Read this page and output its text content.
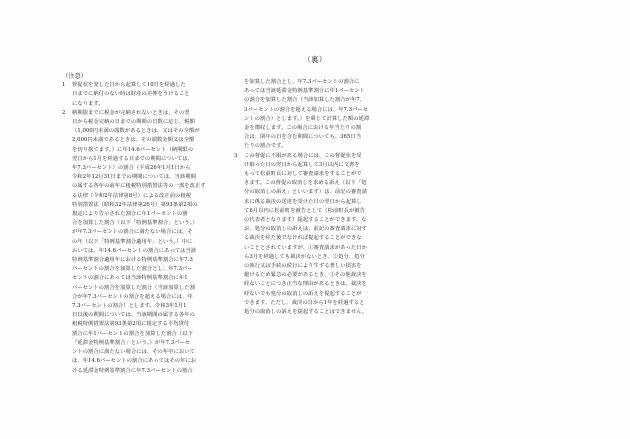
（裏）
（注意）
1	督促状を発した日から起算して10日を経過した
日までに納付のない時は財産の差押をうけること
になります。
2	納期限までに税金が完納されないときは、その翌
日から税金完納の日までの期間の日数に応じ、税額
（1,000円未満の端数があるときは、又はその全額が
2,000円未満であるときは、その端数金額又は全額
を切り捨てます。）に年14.6パーセント（納期限の
翌日から1月を経過する日までの期間については、
年7.3パーセント）の割合（平成26年1月1日から
令和2年12月31日までの期間については、当該期間
の属する各年の前年に租税特別措置法等の一部を改正す
る法律（令和2年法律第8号）による改正前の租税
特別措置法（昭和32年法律第26号）第93条第2項の
規定により告示された割合に年1パーセントの割
合を加算した割合（以下「特例基準割合」という。）
が年7.3パーセントの割合に満たない場合には、そ
の年（以下「特例基準割合適用年」という。）中に
おいては、年14.6パーセントの割合にあっては当該
特例基準割合適用年における特例基準割合に年7.3
パーセントの割合を加算した割合とし、年7.3パー
セントの割合にあっては当該特例基準割合に年1
パーセントの割合を加算した割合（当該加算した割
合が年7.3パーセントの割合を超える場合には、年
7.3パーセントの割合）とします。令和3年1月1
日以後の期間については、当該期間の属する各年の
租税特例措置法第93条第2項に規定する平均貸付
割合に年1パーセントの割合を加算した割合（以下
「延滞金特例基準割合」という。）が年7.3パーセ
ントの割合に満たない場合には、その年中において
は、年14.6パーセントの割合にあってはその年にお
ける延滞金特例基準割合に年7.3パーセントの割合
を加算した割合とし、年7.3パーセントの割合に
あっては当該延滞金特例基準割合に年1パーセント
の割合を加算した割合（当該加算した割合が年7.
3パーセントの割合を超える場合には、年7.3パーセ
ントの割合）とします。）を乗じて計算した額の延滞
金を徴収します。この場合における年当たりの割
合は、閏年の日を含む期間についても、365日当
たりの割合です。
3	この督促に不服がある場合には、この督促状を受
け取った日の翌日から起算して3月以内に文書を
もって松前町長に対して審査請求をすることがで
きます。この督促の取消しを求める訴え（以下「処
分の取消しの訴え」といいます）は、前記の審査請
求に係る裁決の送達を受けた日の翌日から起算し
て6月以内に松前町を被告として（松前町長が被告
の代表者となります）提起することができます。な
お、処分の取消しの訴えは、前記の審査請求に対す
る裁決を経た後でなければ提起することができな
いこととされていますが、①審査請求があった日か
ら3月を経過しても裁決がないとき、②処分、処分
の執行又は手続の続行により生ずる著しい損害を
避けるため緊急の必要があるとき、③その他裁決を
経ないことにつき正当な理由があるときは、裁決を
経ないでも処分の取消しの訴えを提起することが
できます。ただし、裁決の日から1年を経過すると
処分の取消しの訴えを提起することはできません。
